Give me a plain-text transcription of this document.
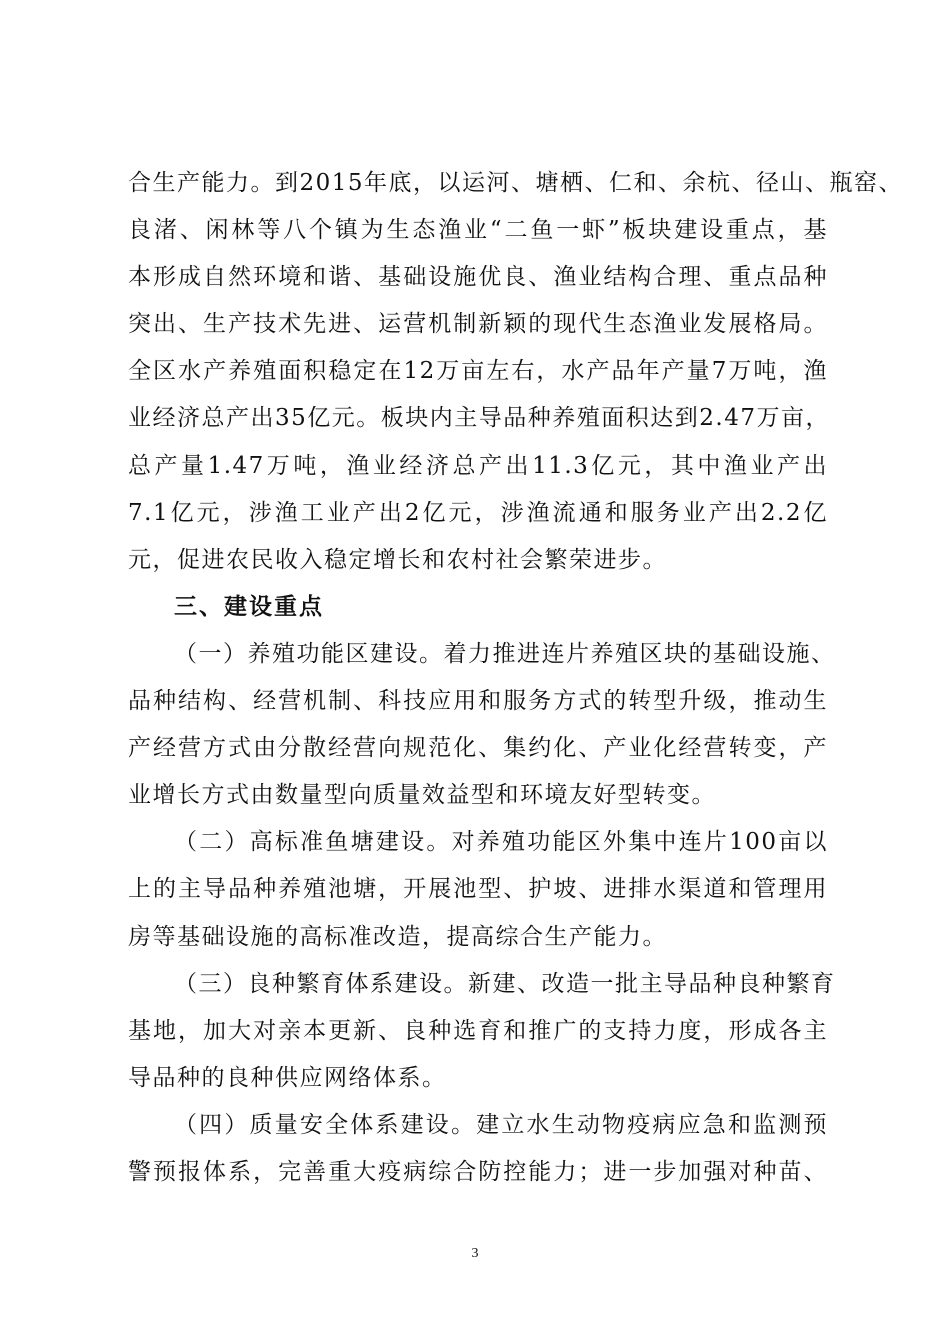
合生产能力。到2015年底，以运河、塘栖、仁和、余杭、径山、瓶窑、
良渚、闲林等八个镇为生态渔业“二鱼一虾”板块建设重点，基
本形成自然环境和谐、基础设施优良、渔业结构合理、重点品种
突出、生产技术先进、运营机制新颖的现代生态渔业发展格局。
全区水产养殖面积稳定在12万亩左右，水产品年产量7万吨，渔
业经济总产出35亿元。板块内主导品种养殖面积达到2.47万亩，
总产量1.47万吨，渔业经济总产出11.3亿元，其中渔业产出
7.1亿元，涉渔工业产出2亿元，涉渔流通和服务业产出2.2亿
元，促进农民收入稳定增长和农村社会繁荣进步。
三、建设重点
（一）养殖功能区建设。着力推进连片养殖区块的基础设施、
品种结构、经营机制、科技应用和服务方式的转型升级，推动生
产经营方式由分散经营向规范化、集约化、产业化经营转变，产
业增长方式由数量型向质量效益型和环境友好型转变。
（二）高标准鱼塘建设。对养殖功能区外集中连片100亩以
上的主导品种养殖池塘，开展池型、护坡、进排水渠道和管理用
房等基础设施的高标准改造，提高综合生产能力。
（三）良种繁育体系建设。新建、改造一批主导品种良种繁育
基地，加大对亲本更新、良种选育和推广的支持力度，形成各主
导品种的良种供应网络体系。
（四）质量安全体系建设。建立水生动物疫病应急和监测预
警预报体系，完善重大疫病综合防控能力；进一步加强对种苗、
3
